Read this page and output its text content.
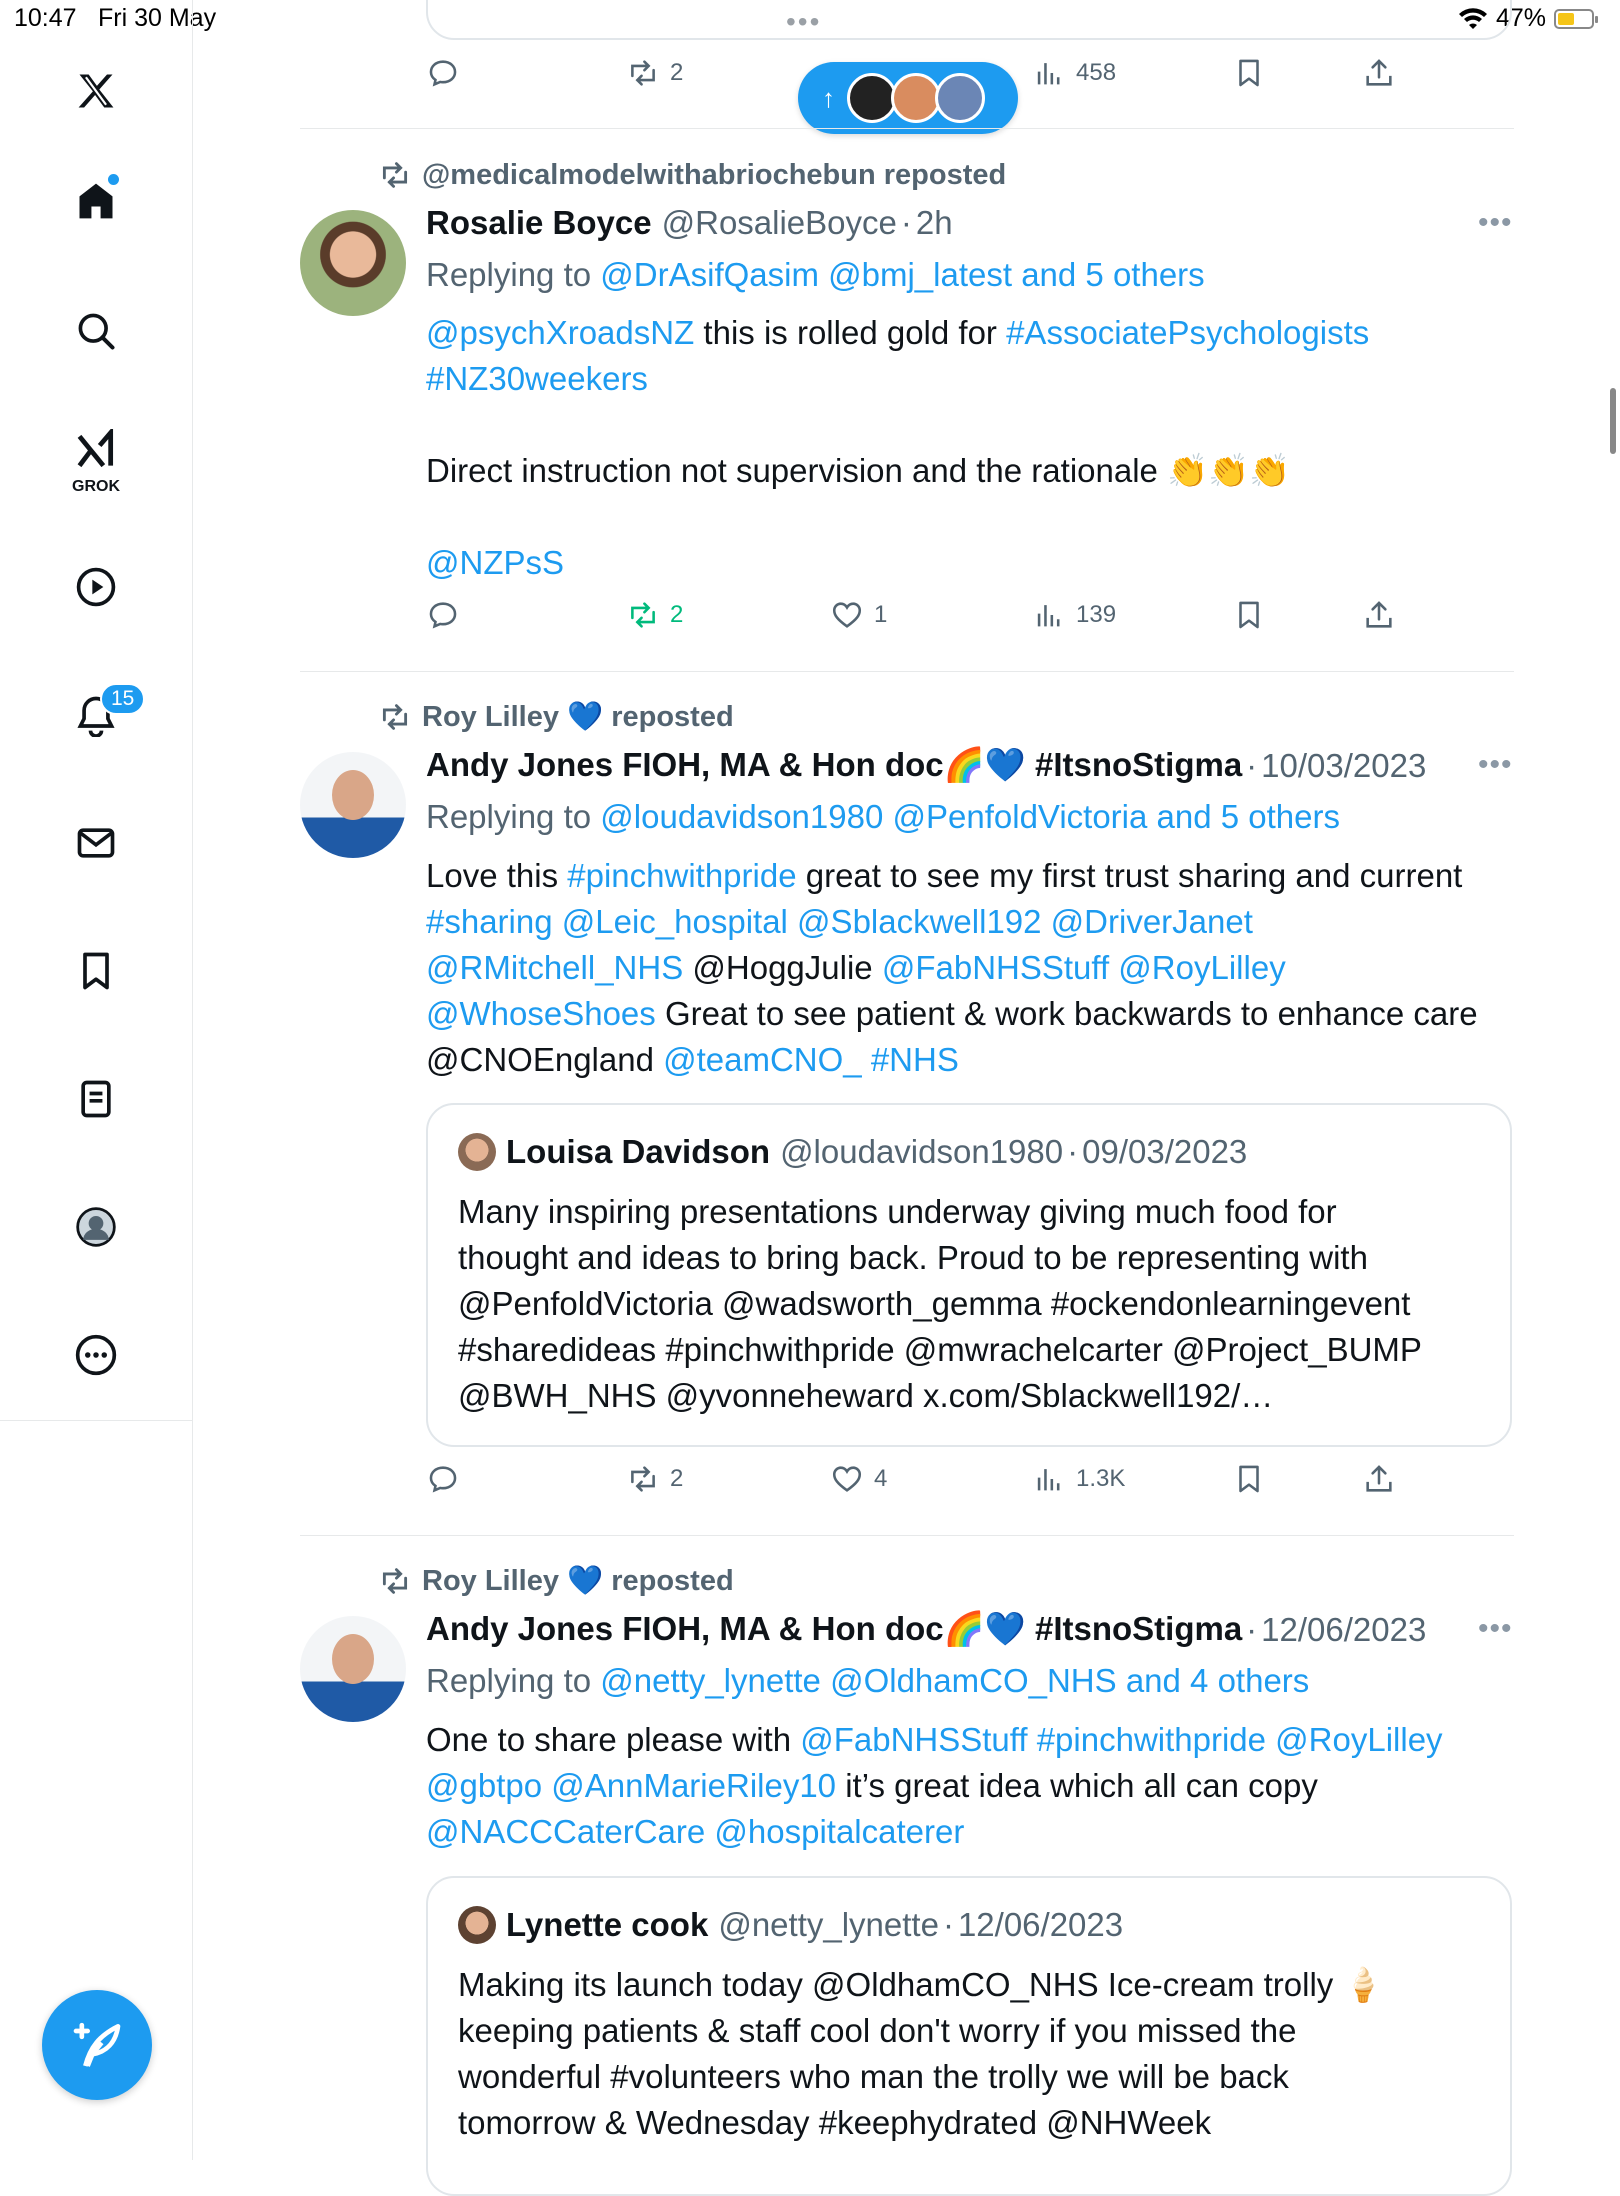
10:47 Fri 30 May	•••	47%
GROK
15
2	458
↑
@medicalmodelwithabriochebun reposted
Rosalie Boyce @RosalieBoyce · 2h	•••
Replying to @DrAsifQasim @bmj_latest and 5 others
@psychXroadsNZ this is rolled gold for #AssociatePsychologists
#NZ30weekers
Direct instruction not supervision and the rationale 👏👏👏
@NZPsS
2	1	139
Roy Lilley 💙 reposted
Andy Jones FIOH, MA & Hon doc🌈💙 #ItsnoStigma · 10/03/2023 •••
Replying to @loudavidson1980 @PenfoldVictoria and 5 others
Love this #pinchwithpride great to see my first trust sharing and current
#sharing @Leic_hospital @Sblackwell192 @DriverJanet
@RMitchell_NHS @HoggJulie @FabNHSStuff @RoyLilley
@WhoseShoes Great to see patient & work backwards to enhance care
@CNOEngland @teamCNO_ #NHS
Louisa Davidson @loudavidson1980 · 09/03/2023
Many inspiring presentations underway giving much food for
thought and ideas to bring back. Proud to be representing with
@PenfoldVictoria @wadsworth_gemma #ockendonlearningevent
#sharedideas #pinchwithpride @mwrachelcarter @Project_BUMP
@BWH_NHS @yvonneheward x.com/Sblackwell192/…
2	4	1.3K
Roy Lilley 💙 reposted
Andy Jones FIOH, MA & Hon doc🌈💙 #ItsnoStigma · 12/06/2023 •••
Replying to @netty_lynette @OldhamCO_NHS and 4 others
One to share please with @FabNHSStuff #pinchwithpride @RoyLilley
@gbtpo @AnnMarieRiley10 it’s great idea which all can copy
@NACCCaterCare @hospitalcaterer
Lynette cook @netty_lynette · 12/06/2023
Making its launch today @OldhamCO_NHS Ice-cream trolly 🍦
keeping patients & staff cool don't worry if you missed the
wonderful #volunteers who man the trolly we will be back
tomorrow & Wednesday #keephydrated @NHWeek
